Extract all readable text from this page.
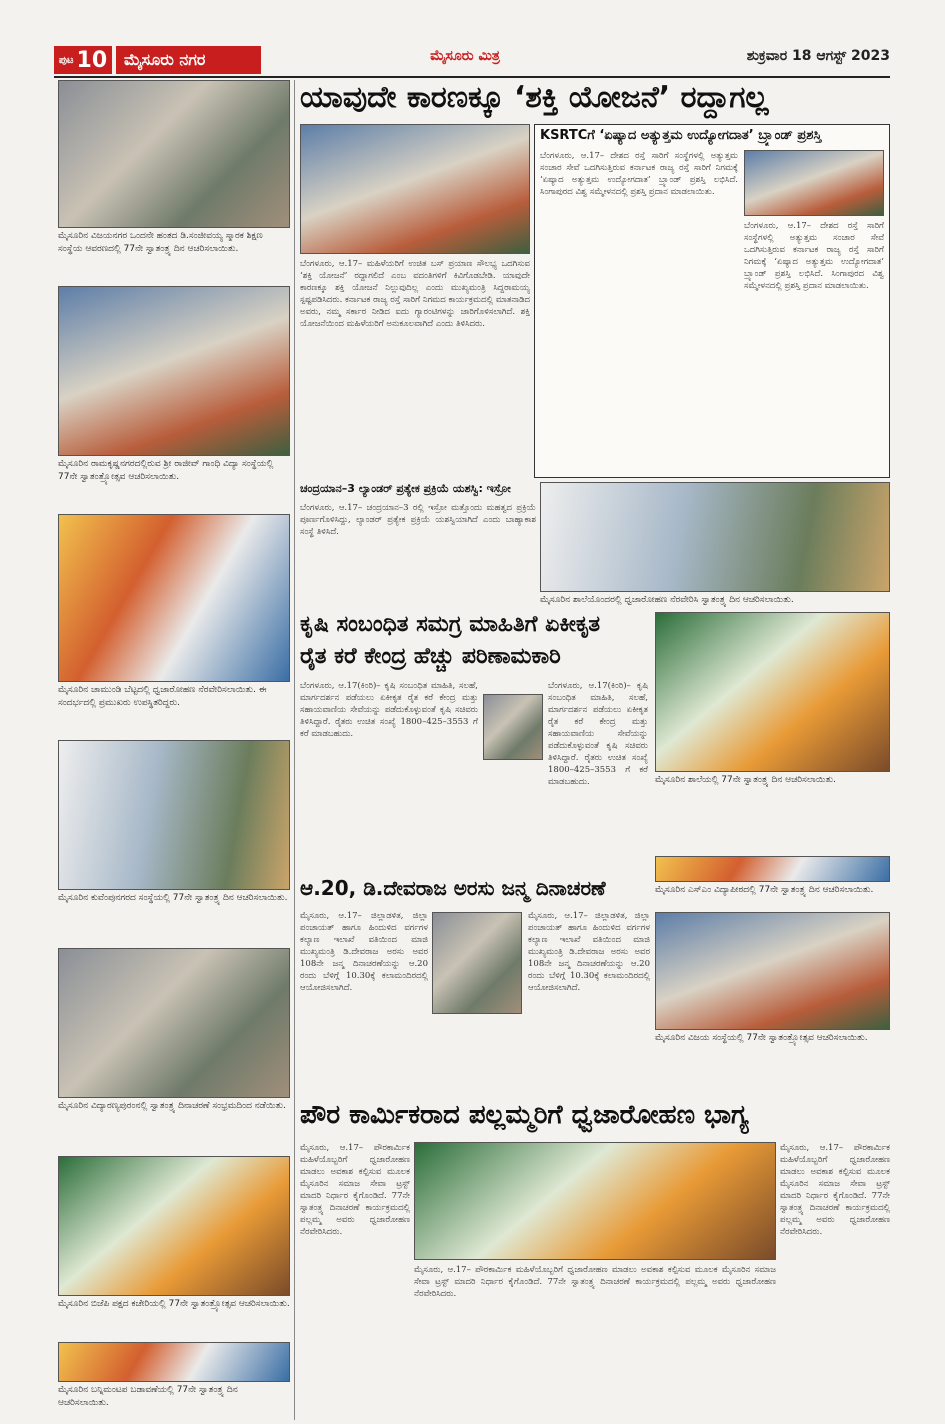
ಪುಟ 10	ಮೈಸೂರು ನಗರ	ಮೈಸೂರು ಮಿತ್ರ	ಶುಕ್ರವಾರ 18 ಆಗಸ್ಟ್ 2023
ಮೈಸೂರಿನ ವಿಜಯನಗರ ಒಂದನೇ ಹಂತದ ಡಿ.ಸಂಜೀವಯ್ಯ ಸ್ಮಾರಕ ಶಿಕ್ಷಣ ಸಂಸ್ಥೆಯ ಆವರಣದಲ್ಲಿ 77ನೇ ಸ್ವಾತಂತ್ರ್ಯ ದಿನ ಆಚರಿಸಲಾಯಿತು.
ಮೈಸೂರಿನ ರಾಮಕೃಷ್ಣನಗರದಲ್ಲಿರುವ ಶ್ರೀ ರಾಜೀವ್ ಗಾಂಧಿ ವಿದ್ಯಾ ಸಂಸ್ಥೆಯಲ್ಲಿ 77ನೇ ಸ್ವಾತಂತ್ರ್ಯೋತ್ಸವ ಆಚರಿಸಲಾಯಿತು.
ಮೈಸೂರಿನ ಚಾಮುಂಡಿ ಬೆಟ್ಟದಲ್ಲಿ ಧ್ವಜಾರೋಹಣ ನೆರವೇರಿಸಲಾಯಿತು. ಈ ಸಂದರ್ಭದಲ್ಲಿ ಪ್ರಮುಖರು ಉಪಸ್ಥಿತರಿದ್ದರು.
ಮೈಸೂರಿನ ಕುವೆಂಪುನಗರದ ಸಂಸ್ಥೆಯಲ್ಲಿ 77ನೇ ಸ್ವಾತಂತ್ರ್ಯ ದಿನ ಆಚರಿಸಲಾಯಿತು.
ಮೈಸೂರಿನ ವಿದ್ಯಾರಣ್ಯಪುರಂನಲ್ಲಿ ಸ್ವಾತಂತ್ರ್ಯ ದಿನಾಚರಣೆ ಸಂಭ್ರಮದಿಂದ ನಡೆಯಿತು.
ಮೈಸೂರಿನ ಬಿಜೆಪಿ ಪಕ್ಷದ ಕಚೇರಿಯಲ್ಲಿ 77ನೇ ಸ್ವಾತಂತ್ರ್ಯೋತ್ಸವ ಆಚರಿಸಲಾಯಿತು.
ಮೈಸೂರಿನ ಬನ್ನಿಮಂಟಪ ಬಡಾವಣೆಯಲ್ಲಿ 77ನೇ ಸ್ವಾತಂತ್ರ್ಯ ದಿನ ಆಚರಿಸಲಾಯಿತು.
ಯಾವುದೇ ಕಾರಣಕ್ಕೂ ‘ಶಕ್ತಿ ಯೋಜನೆ’ ರದ್ದಾಗಲ್ಲ
ಬೆಂಗಳೂರು, ಆ.17– ಮಹಿಳೆಯರಿಗೆ ಉಚಿತ ಬಸ್ ಪ್ರಯಾಣ ಸೌಲಭ್ಯ ಒದಗಿಸುವ ‘ಶಕ್ತಿ ಯೋಜನೆ’ ರದ್ದಾಗಲಿದೆ ಎಂಬ ವದಂತಿಗಳಿಗೆ ಕಿವಿಗೊಡಬೇಡಿ. ಯಾವುದೇ ಕಾರಣಕ್ಕೂ ಶಕ್ತಿ ಯೋಜನೆ ನಿಲ್ಲುವುದಿಲ್ಲ ಎಂದು ಮುಖ್ಯಮಂತ್ರಿ ಸಿದ್ದರಾಮಯ್ಯ ಸ್ಪಷ್ಟಪಡಿಸಿದರು. ಕರ್ನಾಟಕ ರಾಜ್ಯ ರಸ್ತೆ ಸಾರಿಗೆ ನಿಗಮದ ಕಾರ್ಯಕ್ರಮದಲ್ಲಿ ಮಾತನಾಡಿದ ಅವರು, ನಮ್ಮ ಸರ್ಕಾರ ನೀಡಿದ ಐದು ಗ್ಯಾರಂಟಿಗಳನ್ನು ಜಾರಿಗೊಳಿಸಲಾಗಿದೆ. ಶಕ್ತಿ ಯೋಜನೆಯಿಂದ ಮಹಿಳೆಯರಿಗೆ ಅನುಕೂಲವಾಗಿದೆ ಎಂದು ತಿಳಿಸಿದರು.
KSRTCಗೆ ‘ಏಷ್ಯಾದ ಅತ್ಯುತ್ತಮ ಉದ್ಯೋಗದಾತ’ ಬ್ರ್ಯಾಂಡ್ ಪ್ರಶಸ್ತಿ
ಬೆಂಗಳೂರು, ಆ.17– ದೇಶದ ರಸ್ತೆ ಸಾರಿಗೆ ಸಂಸ್ಥೆಗಳಲ್ಲಿ ಅತ್ಯುತ್ತಮ ಸಂಚಾರ ಸೇವೆ ಒದಗಿಸುತ್ತಿರುವ ಕರ್ನಾಟಕ ರಾಜ್ಯ ರಸ್ತೆ ಸಾರಿಗೆ ನಿಗಮಕ್ಕೆ ‘ಏಷ್ಯಾದ ಅತ್ಯುತ್ತಮ ಉದ್ಯೋಗದಾತ’ ಬ್ರ್ಯಾಂಡ್ ಪ್ರಶಸ್ತಿ ಲಭಿಸಿದೆ. ಸಿಂಗಾಪುರದ ವಿಶ್ವ ಸಮ್ಮೇಳನದಲ್ಲಿ ಪ್ರಶಸ್ತಿ ಪ್ರದಾನ ಮಾಡಲಾಯಿತು.
ಬೆಂಗಳೂರು, ಆ.17– ದೇಶದ ರಸ್ತೆ ಸಾರಿಗೆ ಸಂಸ್ಥೆಗಳಲ್ಲಿ ಅತ್ಯುತ್ತಮ ಸಂಚಾರ ಸೇವೆ ಒದಗಿಸುತ್ತಿರುವ ಕರ್ನಾಟಕ ರಾಜ್ಯ ರಸ್ತೆ ಸಾರಿಗೆ ನಿಗಮಕ್ಕೆ ‘ಏಷ್ಯಾದ ಅತ್ಯುತ್ತಮ ಉದ್ಯೋಗದಾತ’ ಬ್ರ್ಯಾಂಡ್ ಪ್ರಶಸ್ತಿ ಲಭಿಸಿದೆ. ಸಿಂಗಾಪುರದ ವಿಶ್ವ ಸಮ್ಮೇಳನದಲ್ಲಿ ಪ್ರಶಸ್ತಿ ಪ್ರದಾನ ಮಾಡಲಾಯಿತು.
ಚಂದ್ರಯಾನ–3 ಲ್ಯಾಂಡರ್ ಪ್ರತ್ಯೇಕ ಪ್ರಕ್ರಿಯೆ ಯಶಸ್ವಿ: ಇಸ್ರೋ
ಬೆಂಗಳೂರು, ಆ.17– ಚಂದ್ರಯಾನ–3 ರಲ್ಲಿ ಇಸ್ರೋ ಮತ್ತೊಂದು ಮಹತ್ವದ ಪ್ರಕ್ರಿಯೆ ಪೂರ್ಣಗೊಳಿಸಿದ್ದು, ಲ್ಯಾಂಡರ್ ಪ್ರತ್ಯೇಕ ಪ್ರಕ್ರಿಯೆ ಯಶಸ್ವಿಯಾಗಿದೆ ಎಂದು ಬಾಹ್ಯಾಕಾಶ ಸಂಸ್ಥೆ ತಿಳಿಸಿದೆ.
ಮೈಸೂರಿನ ಶಾಲೆಯೊಂದರಲ್ಲಿ ಧ್ವಜಾರೋಹಣ ನೆರವೇರಿಸಿ ಸ್ವಾತಂತ್ರ್ಯ ದಿನ ಆಚರಿಸಲಾಯಿತು.
ಕೃಷಿ ಸಂಬಂಧಿತ ಸಮಗ್ರ ಮಾಹಿತಿಗೆ ಏಕೀಕೃತ
ರೈತ ಕರೆ ಕೇಂದ್ರ ಹೆಚ್ಚು ಪರಿಣಾಮಕಾರಿ
ಬೆಂಗಳೂರು, ಆ.17(ಕಿಂರಿ)– ಕೃಷಿ ಸಂಬಂಧಿತ ಮಾಹಿತಿ, ಸಲಹೆ, ಮಾರ್ಗದರ್ಶನ ಪಡೆಯಲು ಏಕೀಕೃತ ರೈತ ಕರೆ ಕೇಂದ್ರ ಮತ್ತು ಸಹಾಯವಾಣಿಯ ಸೇವೆಯನ್ನು ಪಡೆದುಕೊಳ್ಳುವಂತೆ ಕೃಷಿ ಸಚಿವರು ತಿಳಿಸಿದ್ದಾರೆ. ರೈತರು ಉಚಿತ ಸಂಖ್ಯೆ 1800–425–3553 ಗೆ ಕರೆ ಮಾಡಬಹುದು.
ಬೆಂಗಳೂರು, ಆ.17(ಕಿಂರಿ)– ಕೃಷಿ ಸಂಬಂಧಿತ ಮಾಹಿತಿ, ಸಲಹೆ, ಮಾರ್ಗದರ್ಶನ ಪಡೆಯಲು ಏಕೀಕೃತ ರೈತ ಕರೆ ಕೇಂದ್ರ ಮತ್ತು ಸಹಾಯವಾಣಿಯ ಸೇವೆಯನ್ನು ಪಡೆದುಕೊಳ್ಳುವಂತೆ ಕೃಷಿ ಸಚಿವರು ತಿಳಿಸಿದ್ದಾರೆ. ರೈತರು ಉಚಿತ ಸಂಖ್ಯೆ 1800–425–3553 ಗೆ ಕರೆ ಮಾಡಬಹುದು.	ಮೈಸೂರಿನ ಶಾಲೆಯಲ್ಲಿ 77ನೇ ಸ್ವಾತಂತ್ರ್ಯ ದಿನ ಆಚರಿಸಲಾಯಿತು.
ಮೈಸೂರಿನ ಎಸ್‌ಎಂ ವಿದ್ಯಾಪೀಠದಲ್ಲಿ 77ನೇ ಸ್ವಾತಂತ್ರ್ಯ ದಿನ ಆಚರಿಸಲಾಯಿತು.
ಮೈಸೂರಿನ ವಿಜಯ ಸಂಸ್ಥೆಯಲ್ಲಿ 77ನೇ ಸ್ವಾತಂತ್ರ್ಯೋತ್ಸವ ಆಚರಿಸಲಾಯಿತು.
ಆ.20, ಡಿ.ದೇವರಾಜ ಅರಸು ಜನ್ಮ ದಿನಾಚರಣೆ
ಮೈಸೂರು, ಆ.17– ಜಿಲ್ಲಾಡಳಿತ, ಜಿಲ್ಲಾ ಪಂಚಾಯತ್ ಹಾಗೂ ಹಿಂದುಳಿದ ವರ್ಗಗಳ ಕಲ್ಯಾಣ ಇಲಾಖೆ ವತಿಯಿಂದ ಮಾಜಿ ಮುಖ್ಯಮಂತ್ರಿ ಡಿ.ದೇವರಾಜ ಅರಸು ಅವರ 108ನೇ ಜನ್ಮ ದಿನಾಚರಣೆಯನ್ನು ಆ.20 ರಂದು ಬೆಳಿಗ್ಗೆ 10.30ಕ್ಕೆ ಕಲಾಮಂದಿರದಲ್ಲಿ ಆಯೋಜಿಸಲಾಗಿದೆ.
ಮೈಸೂರು, ಆ.17– ಜಿಲ್ಲಾಡಳಿತ, ಜಿಲ್ಲಾ ಪಂಚಾಯತ್ ಹಾಗೂ ಹಿಂದುಳಿದ ವರ್ಗಗಳ ಕಲ್ಯಾಣ ಇಲಾಖೆ ವತಿಯಿಂದ ಮಾಜಿ ಮುಖ್ಯಮಂತ್ರಿ ಡಿ.ದೇವರಾಜ ಅರಸು ಅವರ 108ನೇ ಜನ್ಮ ದಿನಾಚರಣೆಯನ್ನು ಆ.20 ರಂದು ಬೆಳಿಗ್ಗೆ 10.30ಕ್ಕೆ ಕಲಾಮಂದಿರದಲ್ಲಿ ಆಯೋಜಿಸಲಾಗಿದೆ.
ಪೌರ ಕಾರ್ಮಿಕರಾದ ಪಲ್ಲಮ್ಮರಿಗೆ ಧ್ವಜಾರೋಹಣ ಭಾಗ್ಯ
ಮೈಸೂರು, ಆ.17– ಪೌರಕಾರ್ಮಿಕ ಮಹಿಳೆಯೊಬ್ಬರಿಗೆ ಧ್ವಜಾರೋಹಣ ಮಾಡಲು ಅವಕಾಶ ಕಲ್ಪಿಸುವ ಮೂಲಕ ಮೈಸೂರಿನ ಸಮಾಜ ಸೇವಾ ಟ್ರಸ್ಟ್ ಮಾದರಿ ನಿರ್ಧಾರ ಕೈಗೊಂಡಿದೆ. 77ನೇ ಸ್ವಾತಂತ್ರ್ಯ ದಿನಾಚರಣೆ ಕಾರ್ಯಕ್ರಮದಲ್ಲಿ ಪಲ್ಲಮ್ಮ ಅವರು ಧ್ವಜಾರೋಹಣ ನೆರವೇರಿಸಿದರು.
ಮೈಸೂರು, ಆ.17– ಪೌರಕಾರ್ಮಿಕ ಮಹಿಳೆಯೊಬ್ಬರಿಗೆ ಧ್ವಜಾರೋಹಣ ಮಾಡಲು ಅವಕಾಶ ಕಲ್ಪಿಸುವ ಮೂಲಕ ಮೈಸೂರಿನ ಸಮಾಜ ಸೇವಾ ಟ್ರಸ್ಟ್ ಮಾದರಿ ನಿರ್ಧಾರ ಕೈಗೊಂಡಿದೆ. 77ನೇ ಸ್ವಾತಂತ್ರ್ಯ ದಿನಾಚರಣೆ ಕಾರ್ಯಕ್ರಮದಲ್ಲಿ ಪಲ್ಲಮ್ಮ ಅವರು ಧ್ವಜಾರೋಹಣ ನೆರವೇರಿಸಿದರು.
ಮೈಸೂರು, ಆ.17– ಪೌರಕಾರ್ಮಿಕ ಮಹಿಳೆಯೊಬ್ಬರಿಗೆ ಧ್ವಜಾರೋಹಣ ಮಾಡಲು ಅವಕಾಶ ಕಲ್ಪಿಸುವ ಮೂಲಕ ಮೈಸೂರಿನ ಸಮಾಜ ಸೇವಾ ಟ್ರಸ್ಟ್ ಮಾದರಿ ನಿರ್ಧಾರ ಕೈಗೊಂಡಿದೆ. 77ನೇ ಸ್ವಾತಂತ್ರ್ಯ ದಿನಾಚರಣೆ ಕಾರ್ಯಕ್ರಮದಲ್ಲಿ ಪಲ್ಲಮ್ಮ ಅವರು ಧ್ವಜಾರೋಹಣ ನೆರವೇರಿಸಿದರು.
